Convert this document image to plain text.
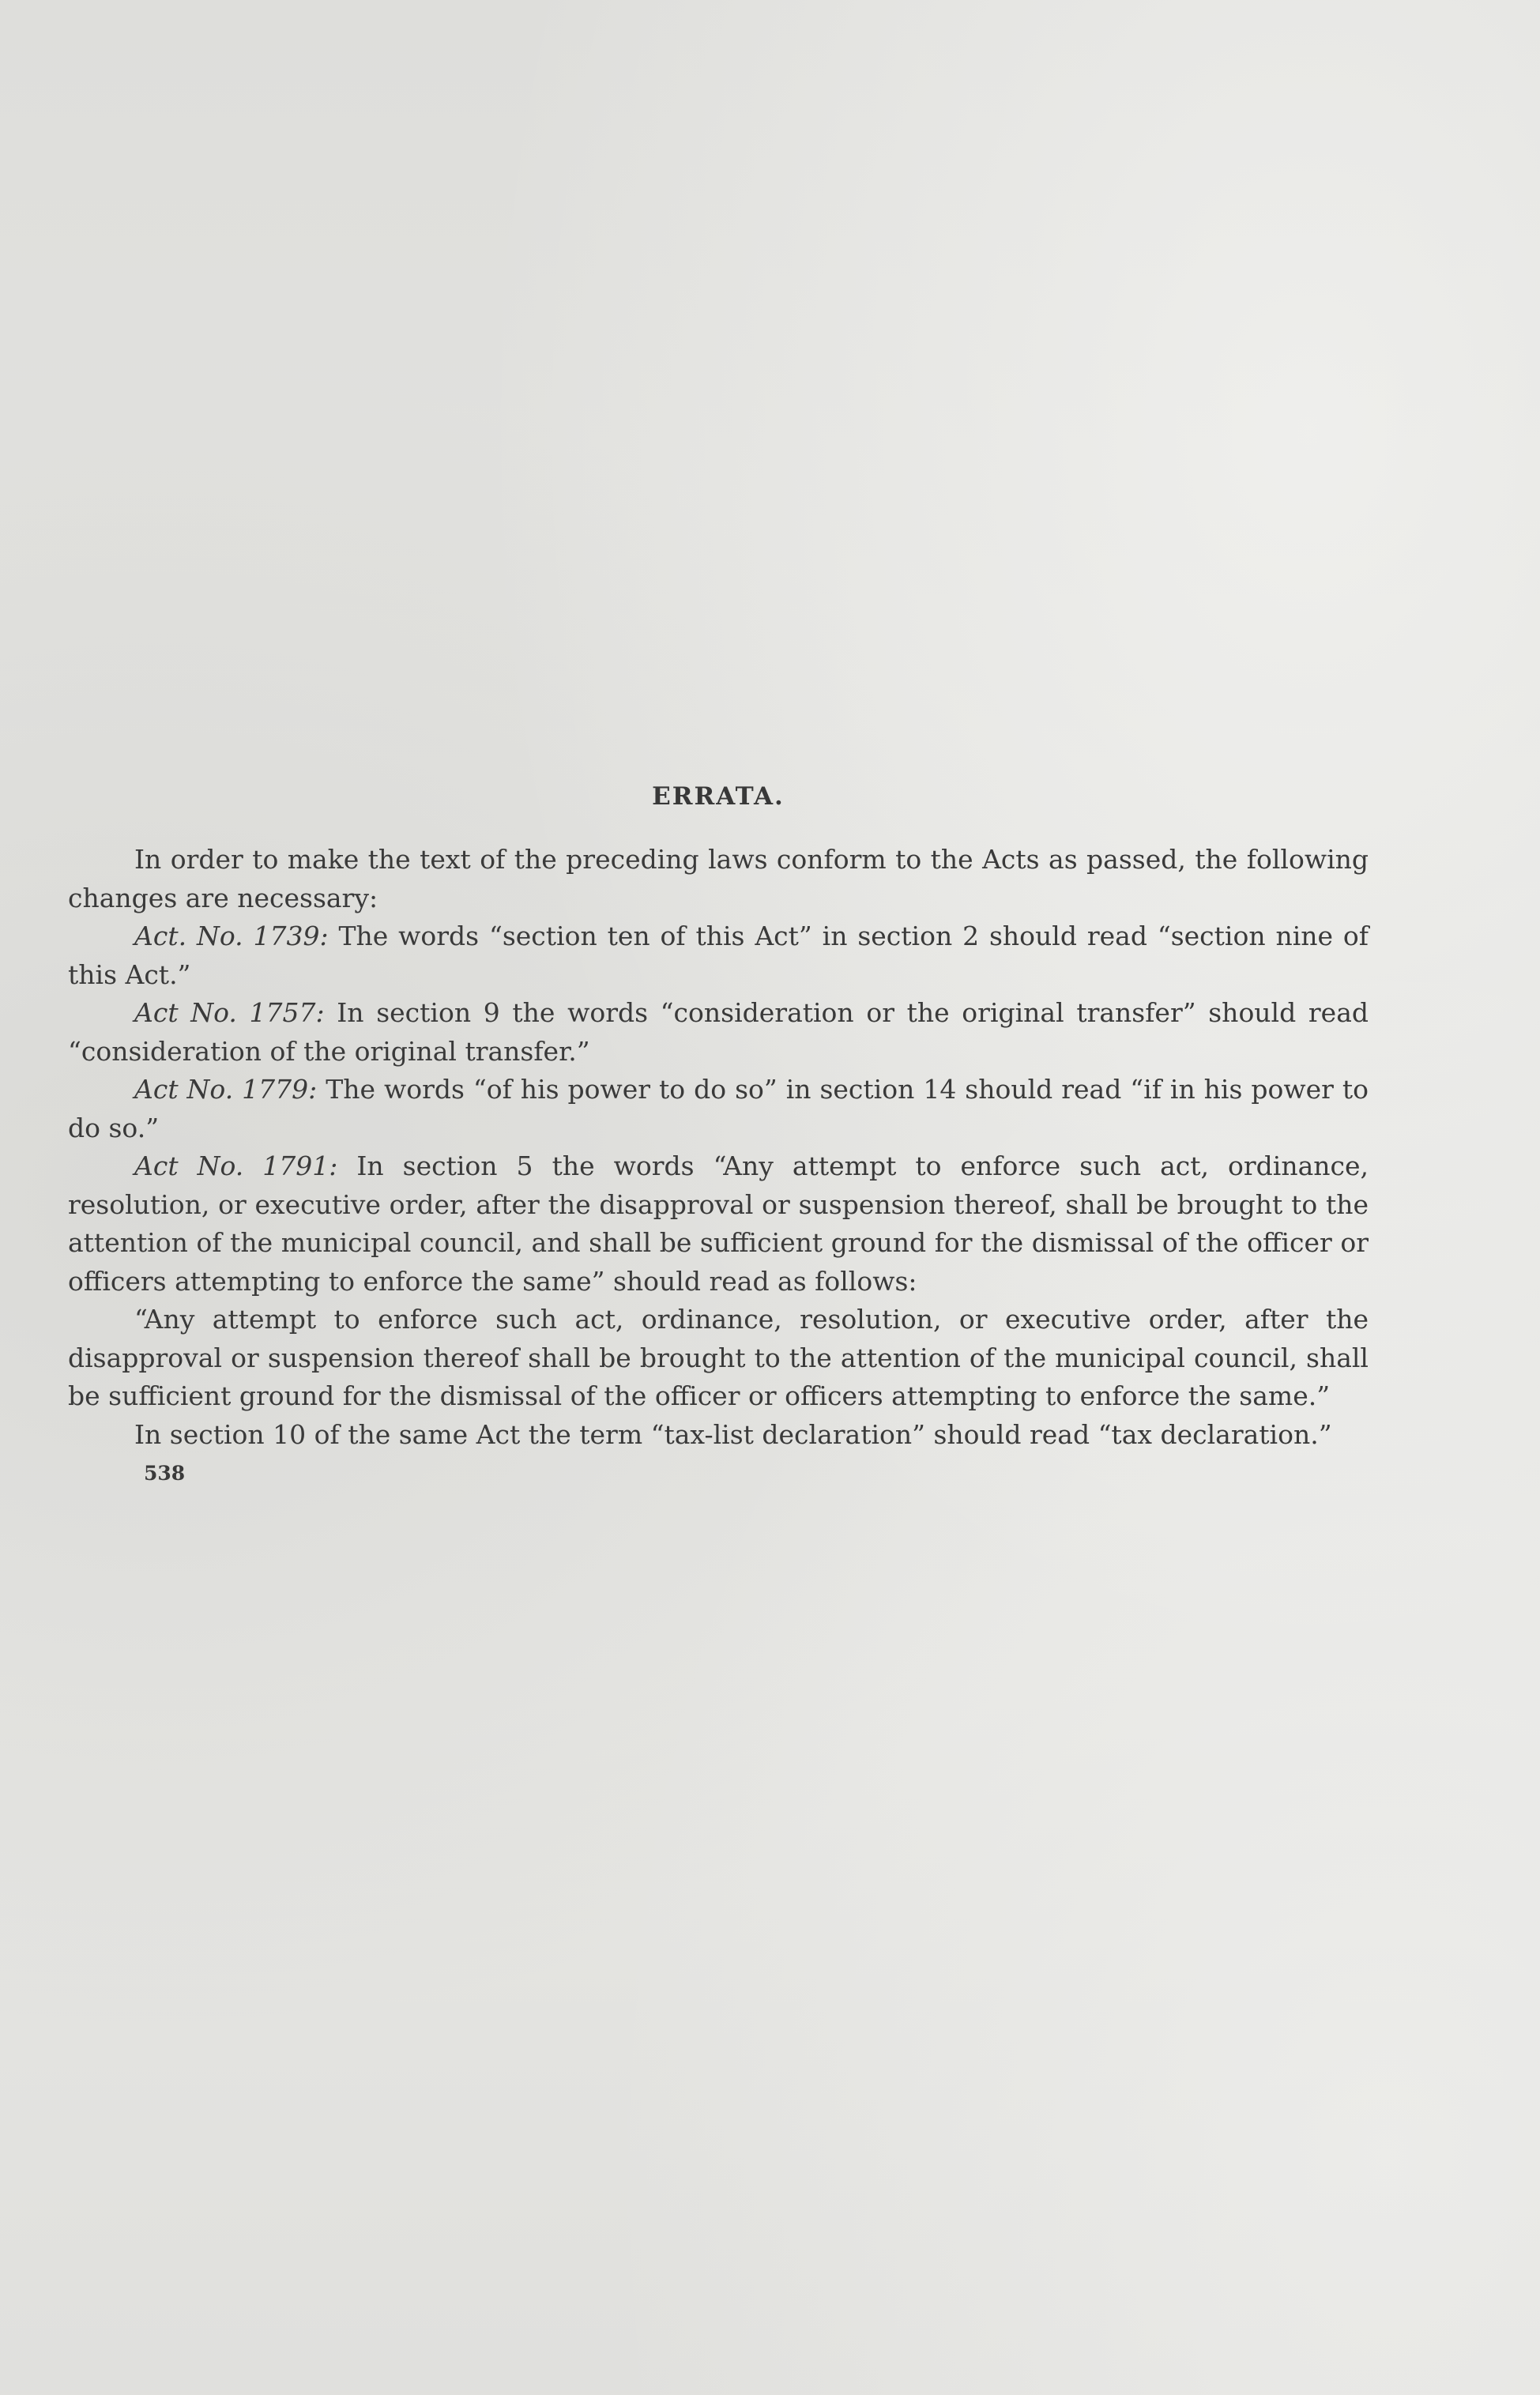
ERRATA.

In order to make the text of the preceding laws conform to the Acts as passed, the following changes are necessary:

Act. No. 1739: The words “section ten of this Act” in section 2 should read “section nine of this Act.”

Act No. 1757: In section 9 the words “consideration or the original transfer” should read “consideration of the original transfer.”

Act No. 1779: The words “of his power to do so” in section 14 should read “if in his power to do so.”

Act No. 1791: In section 5 the words “Any attempt to enforce such act, ordinance, resolution, or executive order, after the disapproval or suspension thereof, shall be brought to the attention of the municipal council, and shall be sufficient ground for the dismissal of the officer or officers attempting to enforce the same” should read as follows:

“Any attempt to enforce such act, ordinance, resolution, or executive order, after the disapproval or suspension thereof shall be brought to the attention of the municipal council, shall be sufficient ground for the dismissal of the officer or officers attempting to enforce the same.”

In section 10 of the same Act the term “tax-list declaration” should read “tax declaration.”

538
